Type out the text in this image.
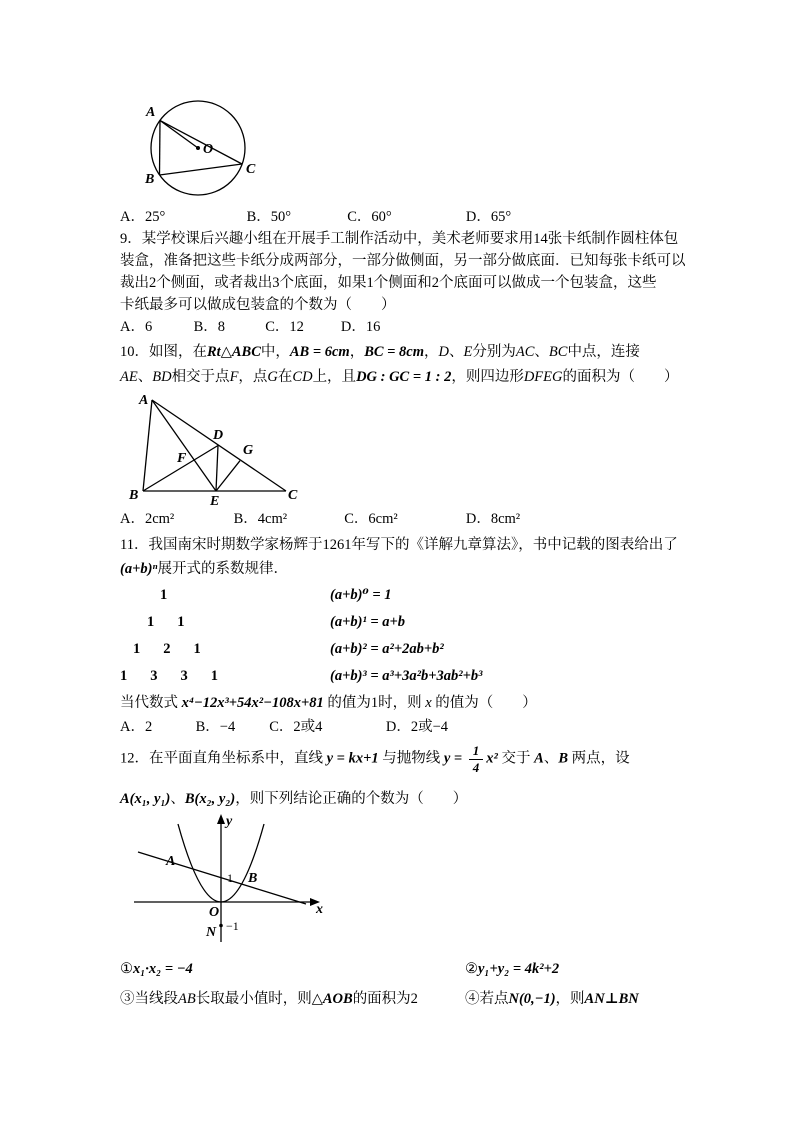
A
B
C
O
A．25°	B．50°	C．60°	D．65°
9．某学校课后兴趣小组在开展手工制作活动中，美术老师要求用14张卡纸制作圆柱体包
装盒，准备把这些卡纸分成两部分，一部分做侧面，另一部分做底面．已知每张卡纸可以
裁出2个侧面，或者裁出3个底面，如果1个侧面和2个底面可以做成一个包装盒，这些
卡纸最多可以做成包装盒的个数为（　　）
A．6	B．8	C．12	D．16
10．如图，在Rt△ABC中，AB = 6cm，BC = 8cm，D、E分别为AC、BC中点，连接
AE、BD相交于点F，点G在CD上，且DG : GC = 1 : 2，则四边形DFEG的面积为（　　）
A
B	C
D
E
F
G
A．2cm²	B．4cm²	C．6cm²	D．8cm²
11．我国南宋时期数学家杨辉于1261年写下的《详解九章算法》，书中记载的图表给出了
(a+b)ⁿ展开式的系数规律．
1	(a+b)⁰ = 1
1 1	(a+b)¹ = a+b
1 2 1	(a+b)² = a²+2ab+b²
1 3 3 1	(a+b)³ = a³+3a²b+3ab²+b³
当代数式 x⁴−12x³+54x²−108x+81 的值为1时，则 x 的值为（　　）
A．2	B．−4 C．2或4	D．2或−4
12．在平面直角坐标系中，直线 y = kx+1 与抛物线 $y = \frac{1}{4} x^2$ 交于 A、B 两点，设
A(x₁, y₁)、B(x₂, y₂)，则下列结论正确的个数为（　　）
y
x
A
B
1
O
N −1
①x₁·x₂ = −4	②y₁+y₂ = 4k²+2
③当线段AB长取最小值时，则△AOB的面积为2	④若点N(0,−1)，则AN⊥BN
